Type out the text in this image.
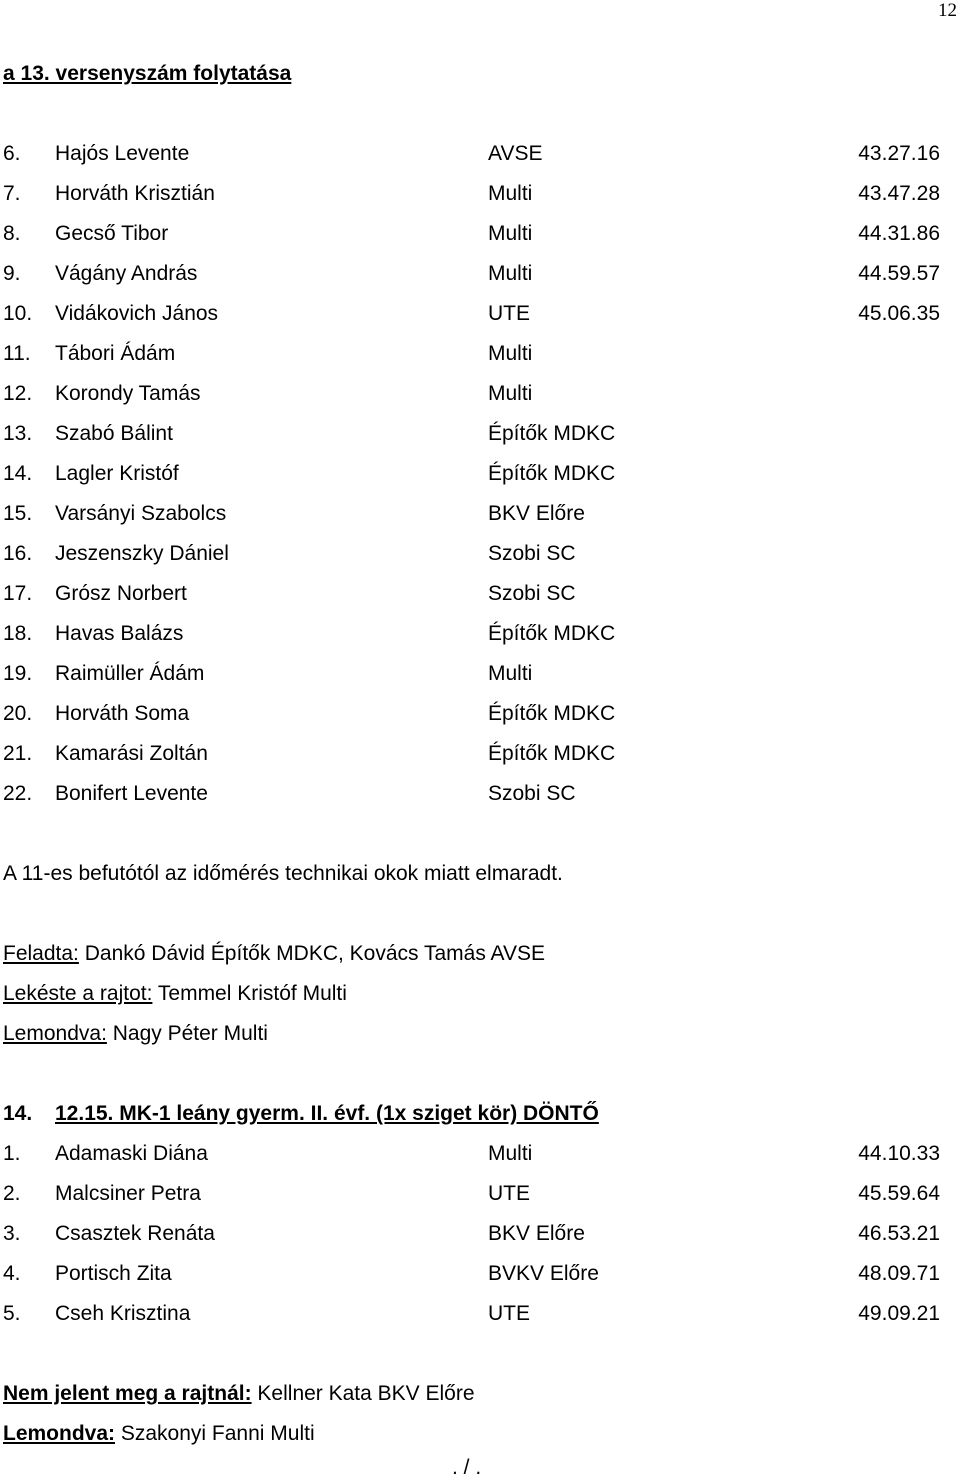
12
a 13. versenyszám folytatása
6. Hajós Levente	AVSE	43.27.16
7. Horváth Krisztián	Multi	43.47.28
8. Gecső Tibor	Multi	44.31.86
9. Vágány András	Multi	44.59.57
10. Vidákovich János	UTE	45.06.35
11. Tábori Ádám	Multi
12. Korondy Tamás	Multi
13. Szabó Bálint	Építők MDKC
14. Lagler Kristóf	Építők MDKC
15. Varsányi Szabolcs	BKV Előre
16. Jeszenszky Dániel	Szobi SC
17. Grósz Norbert	Szobi SC
18. Havas Balázs	Építők MDKC
19. Raimüller Ádám	Multi
20. Horváth Soma	Építők MDKC
21. Kamarási Zoltán	Építők MDKC
22. Bonifert Levente	Szobi SC
A 11-es befutótól az időmérés technikai okok miatt elmaradt.
Feladta: Dankó Dávid Építők MDKC, Kovács Tamás AVSE
Lekéste a rajtot: Temmel Kristóf Multi
Lemondva: Nagy Péter Multi
14. 12.15. MK-1 leány gyerm. II. évf. (1x sziget kör) DÖNTŐ
1. Adamaski Diána	Multi	44.10.33
2. Malcsiner Petra	UTE	45.59.64
3. Csasztek Renáta	BKV Előre	46.53.21
4. Portisch Zita	BVKV Előre	48.09.71
5. Cseh Krisztina	UTE	49.09.21
Nem jelent meg a rajtnál: Kellner Kata BKV Előre
Lemondva: Szakonyi Fanni Multi
. / .
